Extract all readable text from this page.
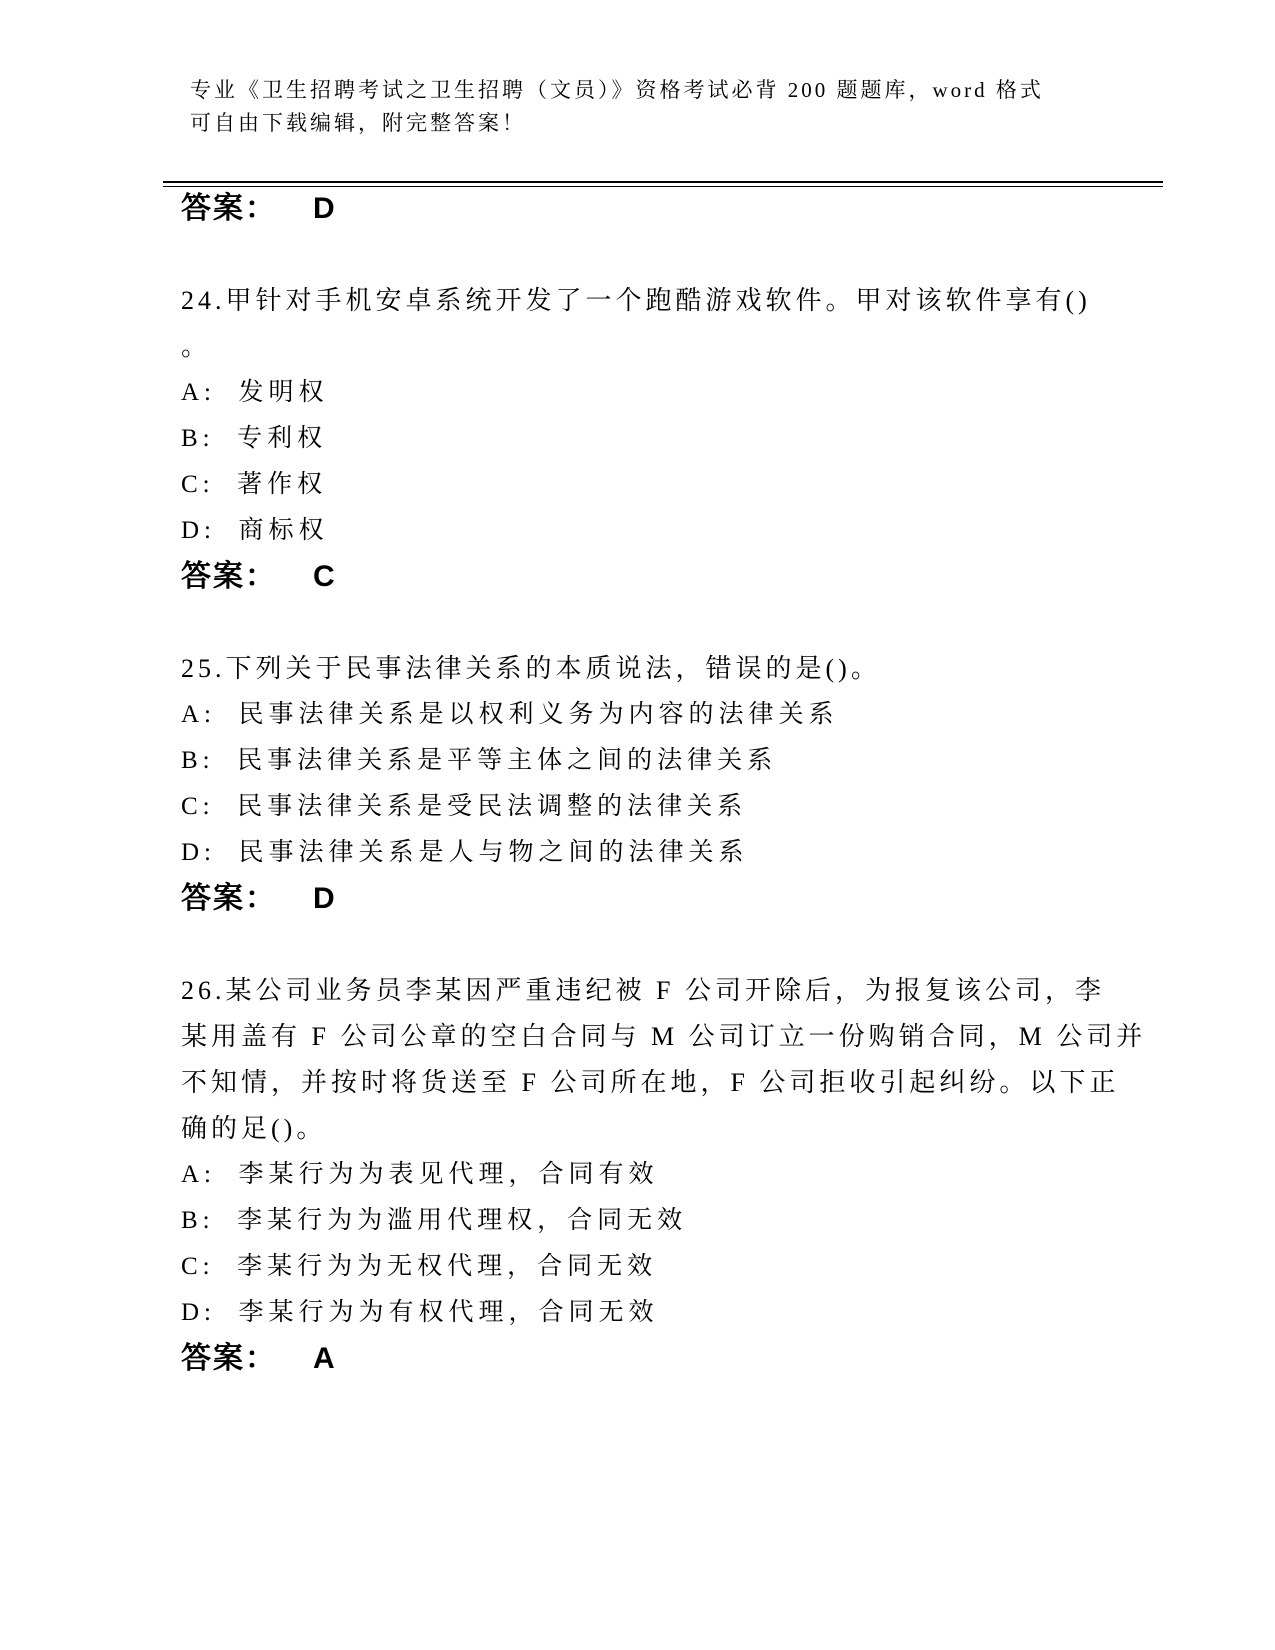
专业《卫生招聘考试之卫生招聘（文员）》资格考试必背 200 题题库，word 格式
可自由下载编辑，附完整答案！
答案： D
24.甲针对手机安卓系统开发了一个跑酷游戏软件。甲对该软件享有()
。
A:  发明权
B:  专利权
C:  著作权
D:  商标权
答案： C
25.下列关于民事法律关系的本质说法，错误的是()。
A:  民事法律关系是以权利义务为内容的法律关系
B:  民事法律关系是平等主体之间的法律关系
C:  民事法律关系是受民法调整的法律关系
D:  民事法律关系是人与物之间的法律关系
答案： D
26.某公司业务员李某因严重违纪被 F 公司开除后，为报复该公司，李
某用盖有 F 公司公章的空白合同与 M 公司订立一份购销合同，M 公司并
不知情，并按时将货送至 F 公司所在地，F 公司拒收引起纠纷。以下正
确的足()。
A:  李某行为为表见代理，合同有效
B:  李某行为为滥用代理权，合同无效
C:  李某行为为无权代理，合同无效
D:  李某行为为有权代理，合同无效
答案： A
